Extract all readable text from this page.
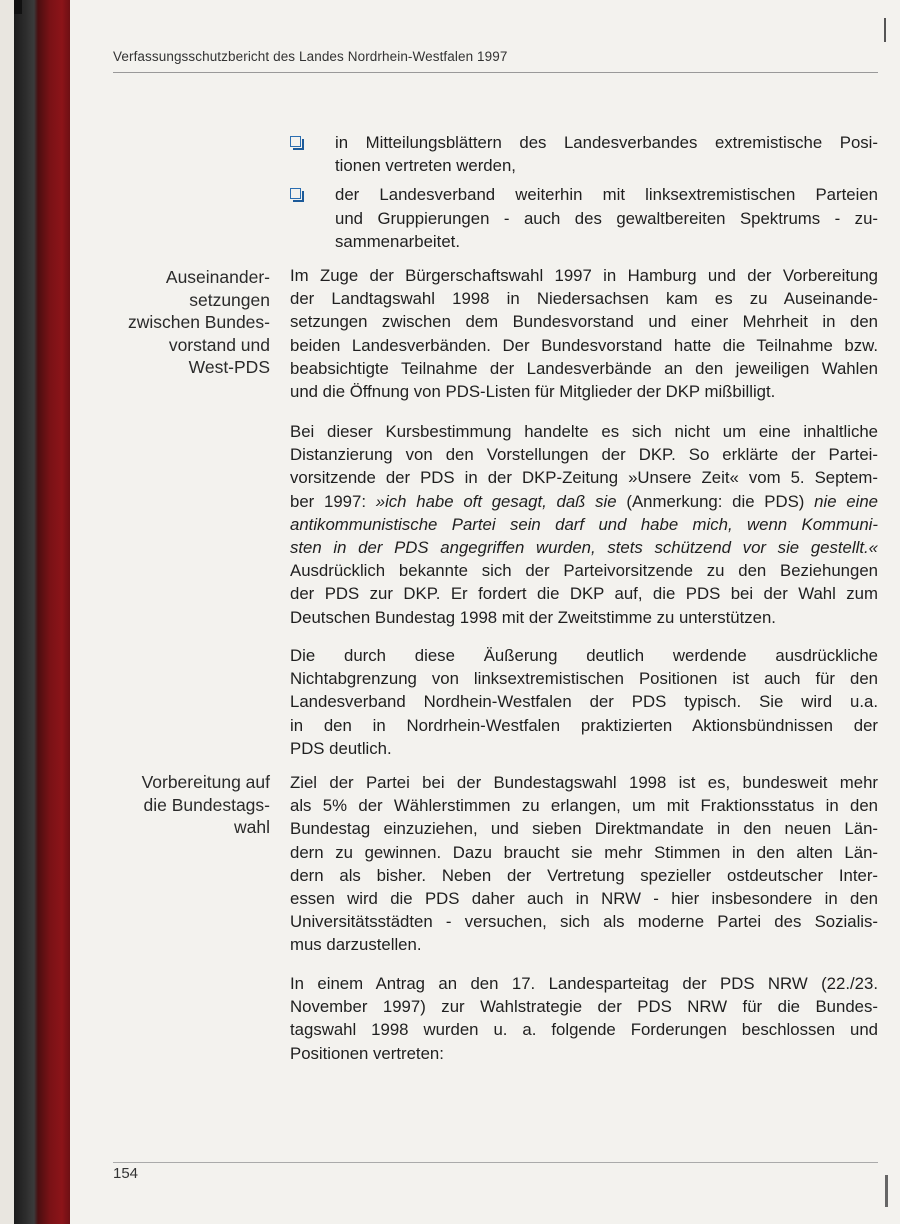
Verfassungsschutzbericht des Landes Nordrhein-Westfalen 1997
in Mitteilungsblättern des Landesverbandes extremistische Posi-
tionen vertreten werden,
der Landesverband weiterhin mit linksextremistischen Parteien
und Gruppierungen - auch des gewaltbereiten Spektrums - zu-
sammenarbeitet.
Auseinander-
setzungen
zwischen Bundes-
vorstand und
West-PDS
Im Zuge der Bürgerschaftswahl 1997 in Hamburg und der Vorbereitung
der Landtagswahl 1998 in Niedersachsen kam es zu Auseinande-
setzungen zwischen dem Bundesvorstand und einer Mehrheit in den
beiden Landesverbänden. Der Bundesvorstand hatte die Teilnahme bzw.
beabsichtigte Teilnahme der Landesverbände an den jeweiligen Wahlen
und die Öffnung von PDS-Listen für Mitglieder der DKP mißbilligt.
Bei dieser Kursbestimmung handelte es sich nicht um eine inhaltliche
Distanzierung von den Vorstellungen der DKP. So erklärte der Partei-
vorsitzende der PDS in der DKP-Zeitung »Unsere Zeit« vom 5. Septem-
ber 1997: »ich habe oft gesagt, daß sie (Anmerkung: die PDS) nie eine
antikommunistische Partei sein darf und habe mich, wenn Kommuni-
sten in der PDS angegriffen wurden, stets schützend vor sie gestellt.«
Ausdrücklich bekannte sich der Parteivorsitzende zu den Beziehungen
der PDS zur DKP. Er fordert die DKP auf, die PDS bei der Wahl zum
Deutschen Bundestag 1998 mit der Zweitstimme zu unterstützen.
Die durch diese Äußerung deutlich werdende ausdrückliche
Nichtabgrenzung von linksextremistischen Positionen ist auch für den
Landesverband Nordhein-Westfalen der PDS typisch. Sie wird u.a.
in den in Nordrhein-Westfalen praktizierten Aktionsbündnissen der
PDS deutlich.
Vorbereitung auf
die Bundestags-
wahl
Ziel der Partei bei der Bundestagswahl 1998 ist es, bundesweit mehr
als 5% der Wählerstimmen zu erlangen, um mit Fraktionsstatus in den
Bundestag einzuziehen, und sieben Direktmandate in den neuen Län-
dern zu gewinnen. Dazu braucht sie mehr Stimmen in den alten Län-
dern als bisher. Neben der Vertretung spezieller ostdeutscher Inter-
essen wird die PDS daher auch in NRW - hier insbesondere in den
Universitätsstädten - versuchen, sich als moderne Partei des Sozialis-
mus darzustellen.
In einem Antrag an den 17. Landesparteitag der PDS NRW (22./23.
November 1997) zur Wahlstrategie der PDS NRW für die Bundes-
tagswahl 1998 wurden u. a. folgende Forderungen beschlossen und
Positionen vertreten:
154
